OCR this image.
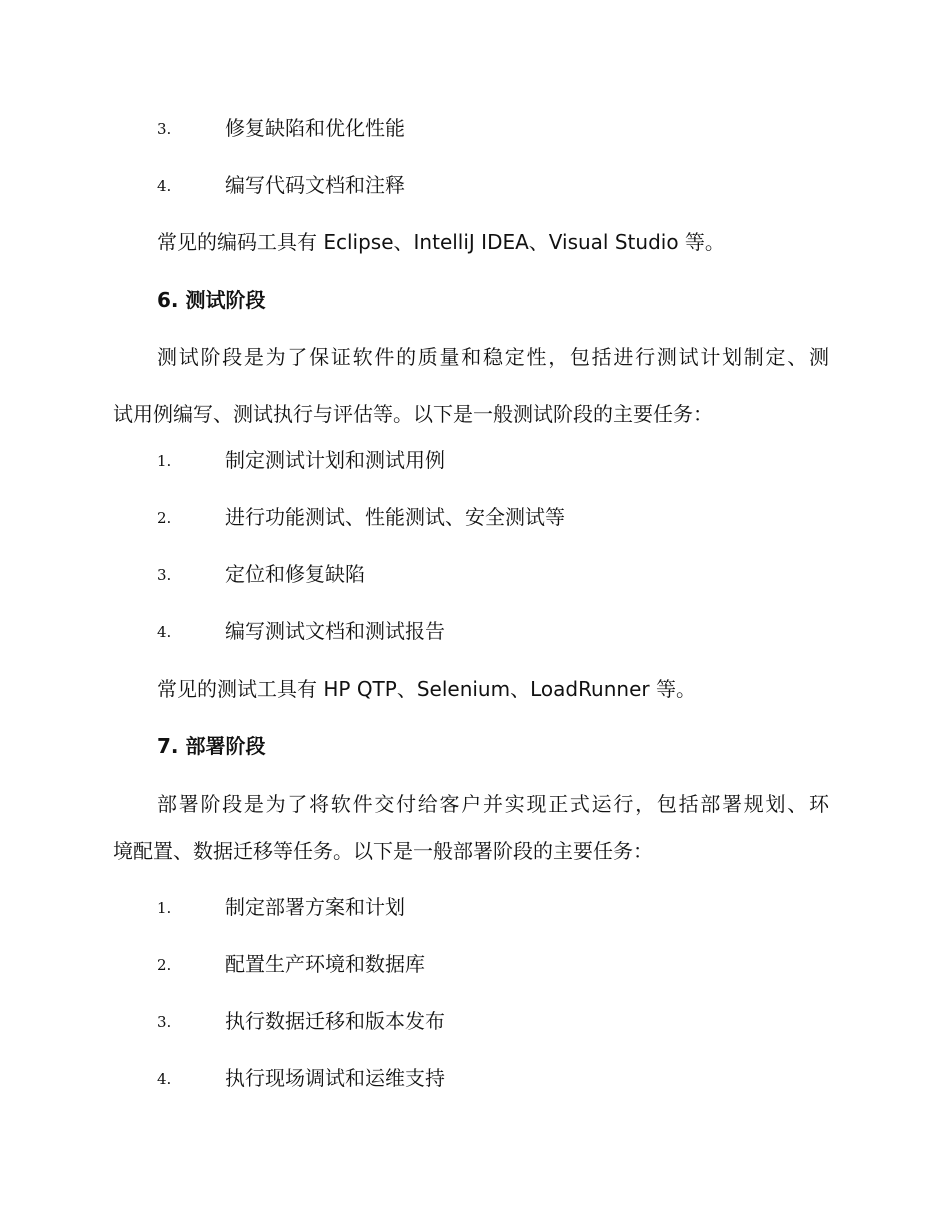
3.	修复缺陷和优化性能
4.	编写代码文档和注释
常见的编码工具有 Eclipse、IntelliJ IDEA、Visual Studio 等。
6. 测试阶段
测试阶段是为了保证软件的质量和稳定性，包括进行测试计划制定、测
试用例编写、测试执行与评估等。以下是一般测试阶段的主要任务：
1.	制定测试计划和测试用例
2.	进行功能测试、性能测试、安全测试等
3.	定位和修复缺陷
4.	编写测试文档和测试报告
常见的测试工具有 HP QTP、Selenium、LoadRunner 等。
7. 部署阶段
部署阶段是为了将软件交付给客户并实现正式运行，包括部署规划、环
境配置、数据迁移等任务。以下是一般部署阶段的主要任务：
1.	制定部署方案和计划
2.	配置生产环境和数据库
3.	执行数据迁移和版本发布
4.	执行现场调试和运维支持
